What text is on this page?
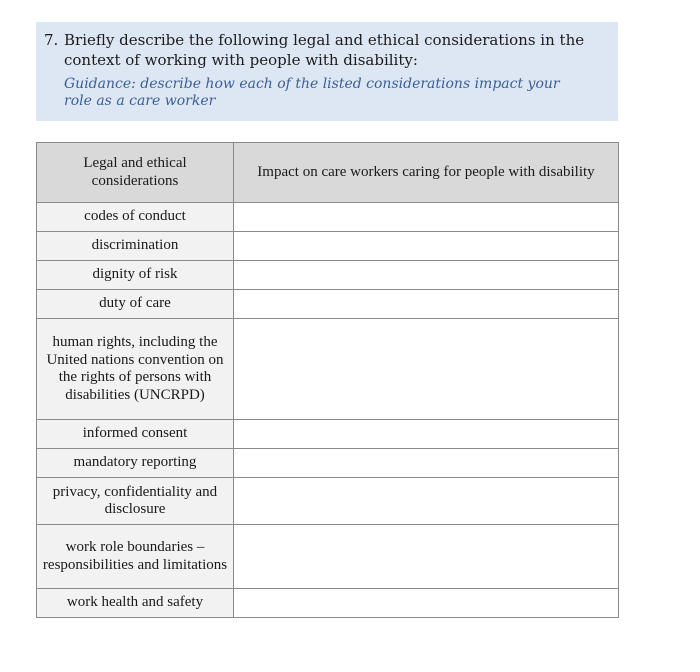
7. Briefly describe the following legal and ethical considerations in the context of working with people with disability:
Guidance: describe how each of the listed considerations impact your role as a care worker
Legal and ethical considerations	Impact on care workers caring for people with disability

codes of conduct	
discrimination	
dignity of risk	
duty of care	
human rights, including the United nations convention on the rights of persons with disabilities (UNCRPD)	
informed consent	
mandatory reporting	
privacy, confidentiality and disclosure	
work role boundaries – responsibilities and limitations	
work health and safety	
